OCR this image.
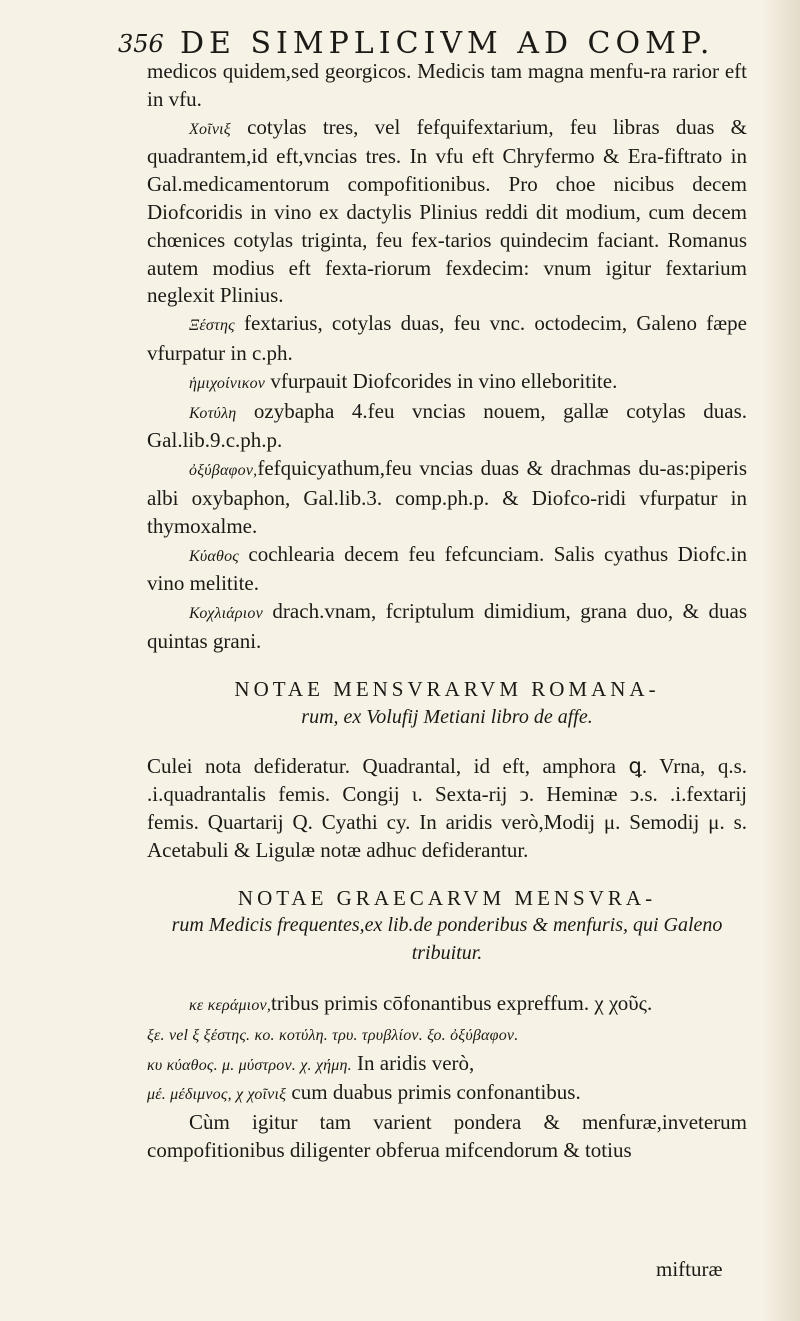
356 DE SIMPLICIVM AD COMP.

medicos quidem,sed georgicos. Medicis tam magna menfu-ra rarior eft in vfu.

Χοῖνιξ cotylas tres, vel fefquifextarium, feu libras duas & quadrantem,id eft,vncias tres. In vfu eft Chryfermo & Era-fiftrato in Gal.medicamentorum compofitionibus. Pro choe nicibus decem Diofcoridis in vino ex dactylis Plinius reddi dit modium, cum decem chœnices cotylas triginta, feu fex-tarios quindecim faciant. Romanus autem modius eft fexta-riorum fexdecim: vnum igitur fextarium neglexit Plinius.

Ξέστης fextarius, cotylas duas, feu vnc. octodecim, Galeno fæpe vfurpatur in c.ph.

ἡμιχοίνικον vfurpauit Diofcorides in vino elleboritite.

Κοτύλη ozybapha 4.feu vncias nouem, gallæ cotylas duas. Gal.lib.9.c.ph.p.

ὀξύβαφον,fefquicyathum,feu vncias duas & drachmas du-as:piperis albi oxybaphon, Gal.lib.3. comp.ph.p. & Diofco-ridi vfurpatur in thymoxalme.

Κύαθος cochlearia decem feu fefcunciam. Salis cyathus Diofc.in vino melitite.

Κοχλιάριον drach.vnam, fcriptulum dimidium, grana duo, & duas quintas grani.

NOTAE MENSVRARVM ROMANA-

rum, ex Volufij Metiani libro de affe.

Culei nota defideratur. Quadrantal, id eft, amphora ꝗ. Vrna, q.s. .i.quadrantalis femis. Congij ɩ. Sexta-rij ↄ. Heminæ ↄ.s. .i.fextarij femis. Quartarij Q. Cyathi cy. In aridis verò,Modij μ. Semodij μ. s. Acetabuli & Ligulæ notæ adhuc defiderantur.

NOTAE GRAECARVM MENSVRA-

rum Medicis frequentes,ex lib.de ponderibus & menfuris, qui Galeno tribuitur.

κε κεράμιον,tribus primis cōfonantibus expreffum. χ χοῦς.

ξε. vel ξ ξέστης. κο. κοτύλη. τρυ. τρυβλίον. ξο. ὀξύβαφον.

κυ κύαθος. μ. μύστρον. χ. χήμη. In aridis verò,

μέ. μέδιμνος, χ χοῖνιξ cum duabus primis confonantibus.

Cùm igitur tam varient pondera & menfuræ,inveterum compofitionibus diligenter obferua mifcendorum & totius

mifturæ
